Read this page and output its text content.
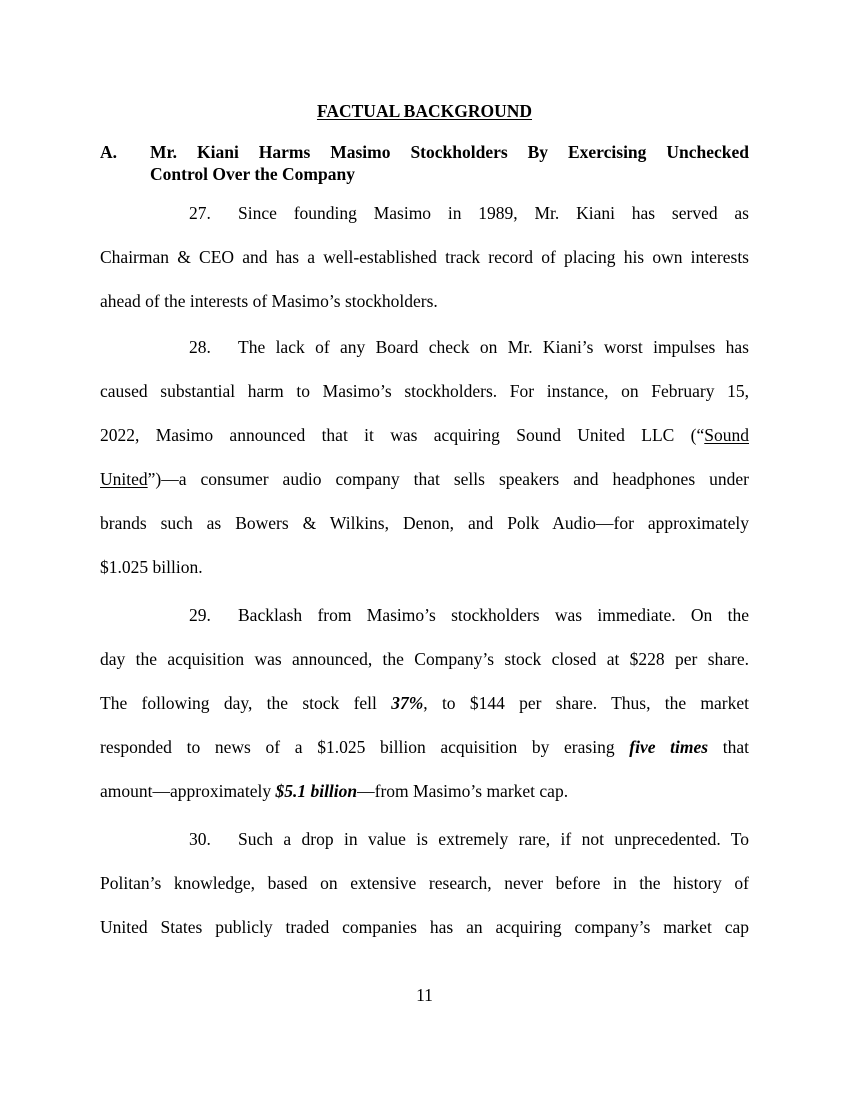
FACTUAL BACKGROUND
A. Mr. Kiani Harms Masimo Stockholders By Exercising Unchecked
Control Over the Company
27. Since founding Masimo in 1989, Mr. Kiani has served as
Chairman & CEO and has a well-established track record of placing his own interests
ahead of the interests of Masimo’s stockholders.
28. The lack of any Board check on Mr. Kiani’s worst impulses has
caused substantial harm to Masimo’s stockholders. For instance, on February 15,
2022, Masimo announced that it was acquiring Sound United LLC (“Sound
United”)—a consumer audio company that sells speakers and headphones under
brands such as Bowers & Wilkins, Denon, and Polk Audio—for approximately
$1.025 billion.
29. Backlash from Masimo’s stockholders was immediate. On the
day the acquisition was announced, the Company’s stock closed at $228 per share.
The following day, the stock fell 37%, to $144 per share. Thus, the market
responded to news of a $1.025 billion acquisition by erasing five times that
amount—approximately $5.1 billion—from Masimo’s market cap.
30. Such a drop in value is extremely rare, if not unprecedented. To
Politan’s knowledge, based on extensive research, never before in the history of
United States publicly traded companies has an acquiring company’s market cap
11
